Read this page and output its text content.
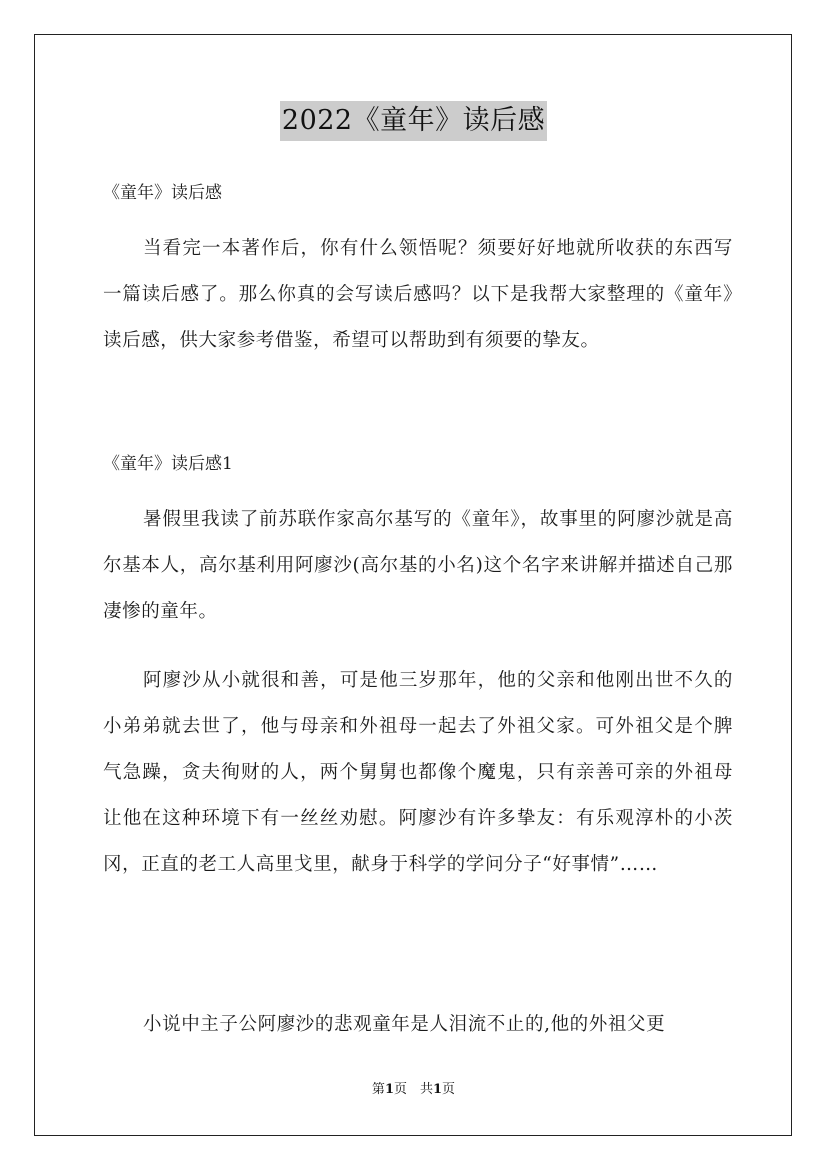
2022《童年》读后感

《童年》读后感

当看完一本著作后，你有什么领悟呢？须要好好地就所收获的东西写一篇读后感了。那么你真的会写读后感吗？以下是我帮大家整理的《童年》读后感，供大家参考借鉴，希望可以帮助到有须要的挚友。

《童年》读后感1

暑假里我读了前苏联作家高尔基写的《童年》，故事里的阿廖沙就是高尔基本人，高尔基利用阿廖沙(高尔基的小名)这个名字来讲解并描述自己那凄惨的童年。

阿廖沙从小就很和善，可是他三岁那年，他的父亲和他刚出世不久的小弟弟就去世了，他与母亲和外祖母一起去了外祖父家。可外祖父是个脾气急躁，贪夫徇财的人，两个舅舅也都像个魔鬼，只有亲善可亲的外祖母让他在这种环境下有一丝丝劝慰。阿廖沙有许多挚友：有乐观淳朴的小茨冈，正直的老工人高里戈里，献身于科学的学问分子“好事情”……

小说中主子公阿廖沙的悲观童年是人泪流不止的,他的外祖父更

第1页　共1页
